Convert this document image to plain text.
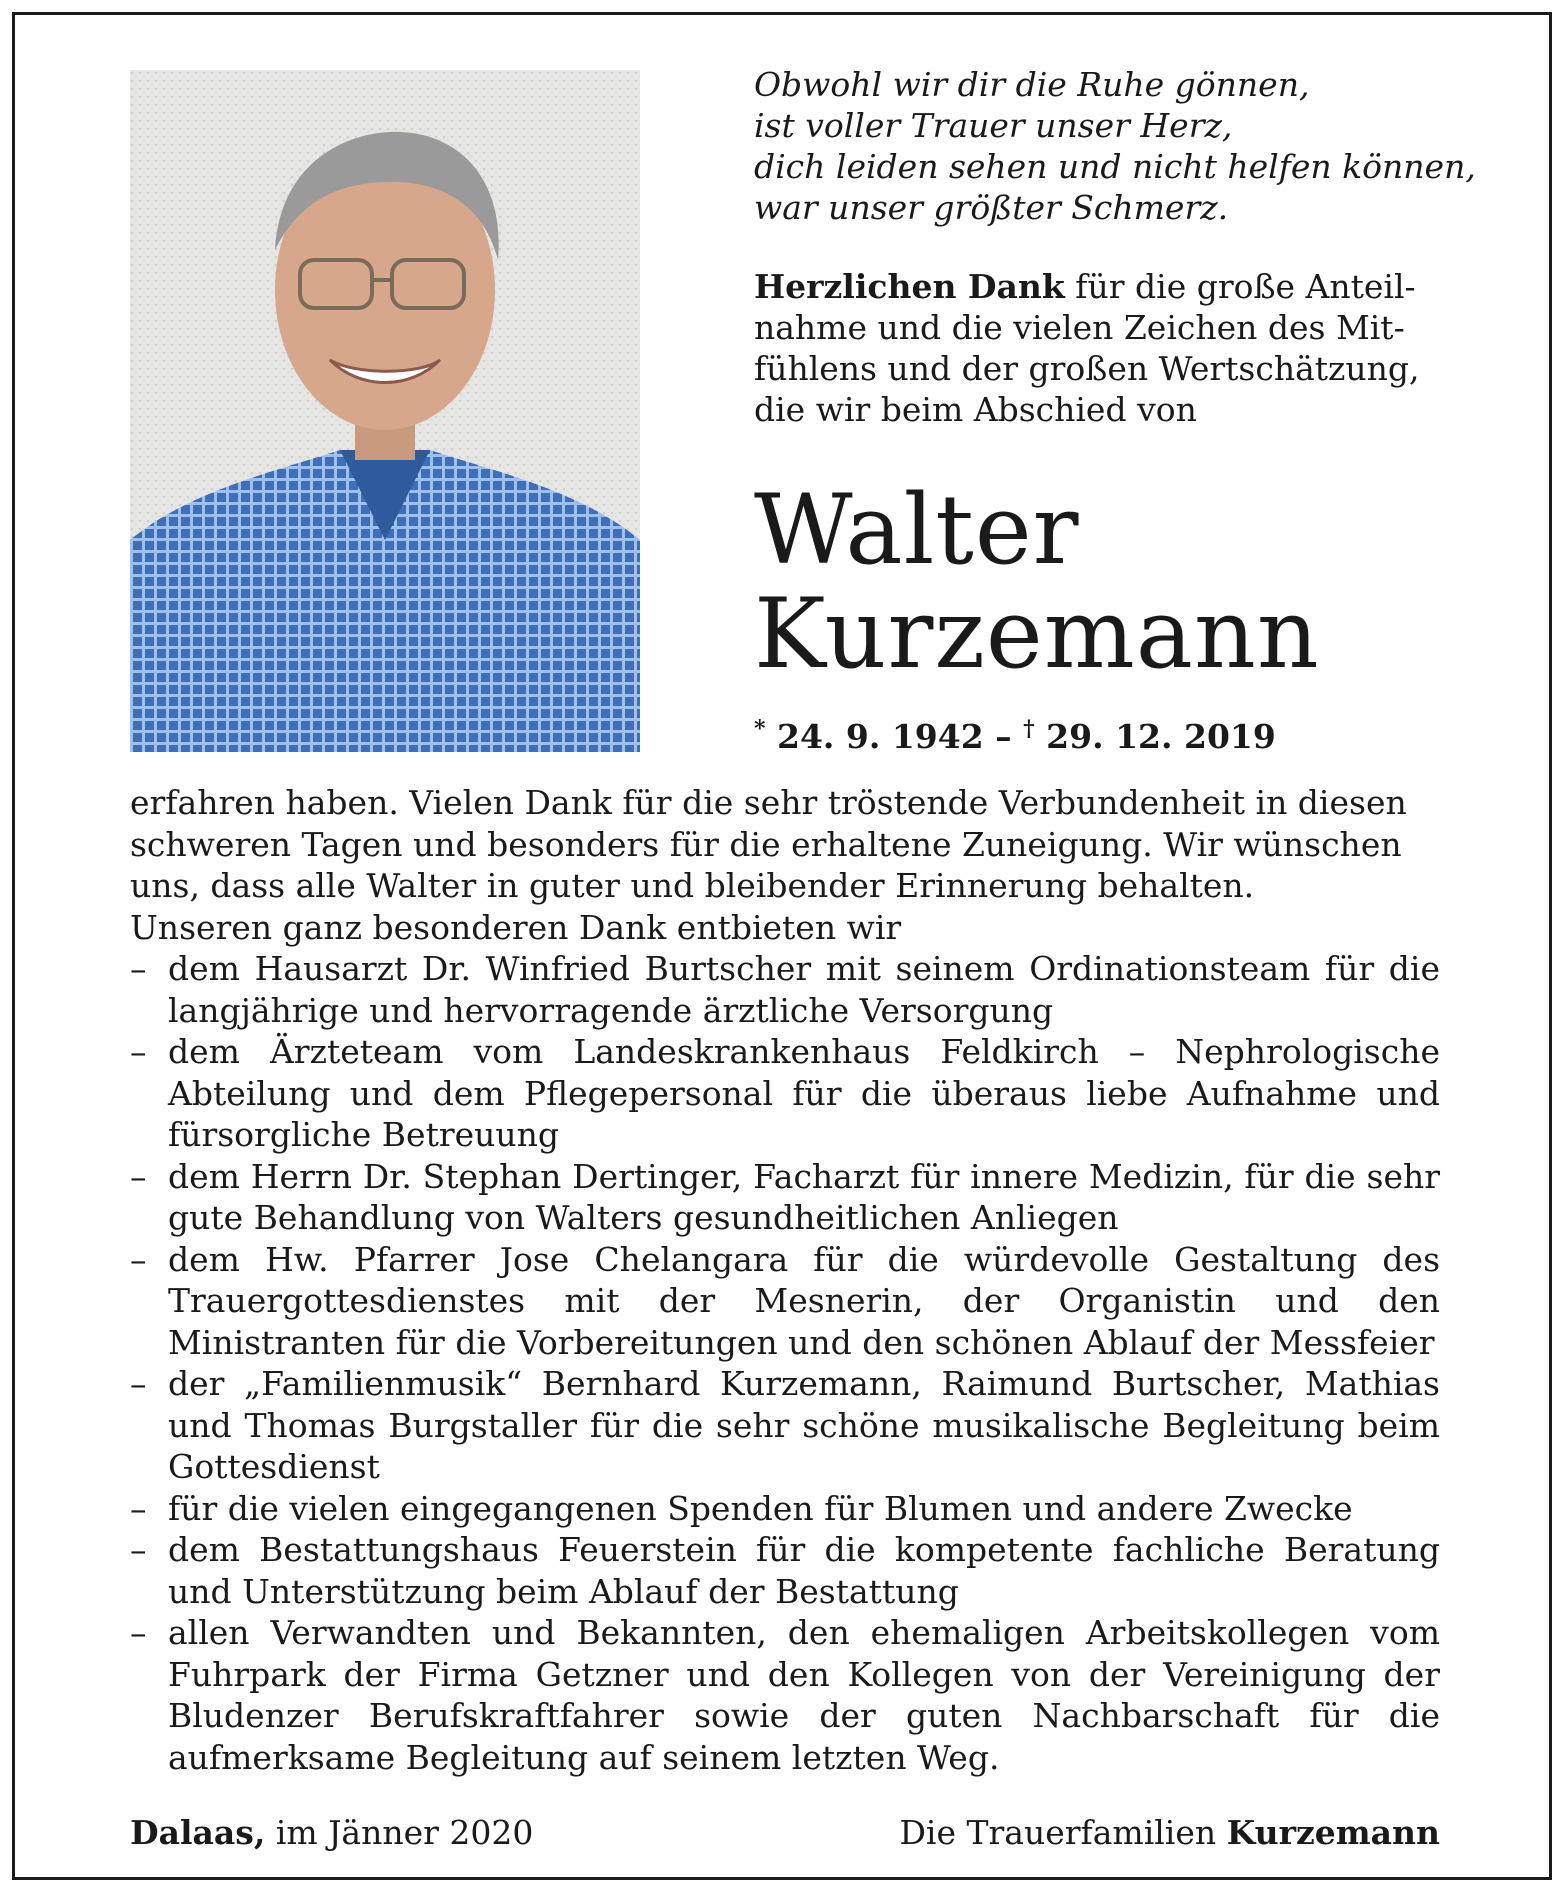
Obwohl wir dir die Ruhe gönnen,
ist voller Trauer unser Herz,
dich leiden sehen und nicht helfen können,
war unser größter Schmerz.
Herzlichen Dank für die große Anteil-
nahme und die vielen Zeichen des Mit-
fühlens und der großen Wertschätzung,
die wir beim Abschied von
Walter
Kurzemann
* 24. 9. 1942 – † 29. 12. 2019
erfahren haben. Vielen Dank für die sehr tröstende Verbundenheit in diesen
schweren Tagen und besonders für die erhaltene Zuneigung. Wir wünschen
uns, dass alle Walter in guter und bleibender Erinnerung behalten.
Unseren ganz besonderen Dank entbieten wir
– dem Hausarzt Dr. Winfried Burtscher mit seinem Ordinationsteam für die langjährige und hervorragende ärztliche Versorgung
– dem Ärzteteam vom Landeskrankenhaus Feldkirch – Nephrologische Abteilung und dem Pflegepersonal für die überaus liebe Aufnahme und fürsorgliche Betreuung
– dem Herrn Dr. Stephan Dertinger, Facharzt für innere Medizin, für die sehr gute Behandlung von Walters gesundheitlichen Anliegen
– dem Hw. Pfarrer Jose Chelangara für die würdevolle Gestaltung des Trauergottesdienstes mit der Mesnerin, der Organistin und den Ministranten für die Vorbereitungen und den schönen Ablauf der Messfeier
– der „Familienmusik“ Bernhard Kurzemann, Raimund Burtscher, Mathias und Thomas Burgstaller für die sehr schöne musikalische Begleitung beim Gottesdienst
– für die vielen eingegangenen Spenden für Blumen und andere Zwecke
– dem Bestattungshaus Feuerstein für die kompetente fachliche Beratung und Unterstützung beim Ablauf der Bestattung
– allen Verwandten und Bekannten, den ehemaligen Arbeitskollegen vom Fuhrpark der Firma Getzner und den Kollegen von der Vereinigung der Bludenzer Berufskraftfahrer sowie der guten Nachbarschaft für die aufmerksame Begleitung auf seinem letzten Weg.
Dalaas, im Jänner 2020	Die Trauerfamilien Kurzemann
